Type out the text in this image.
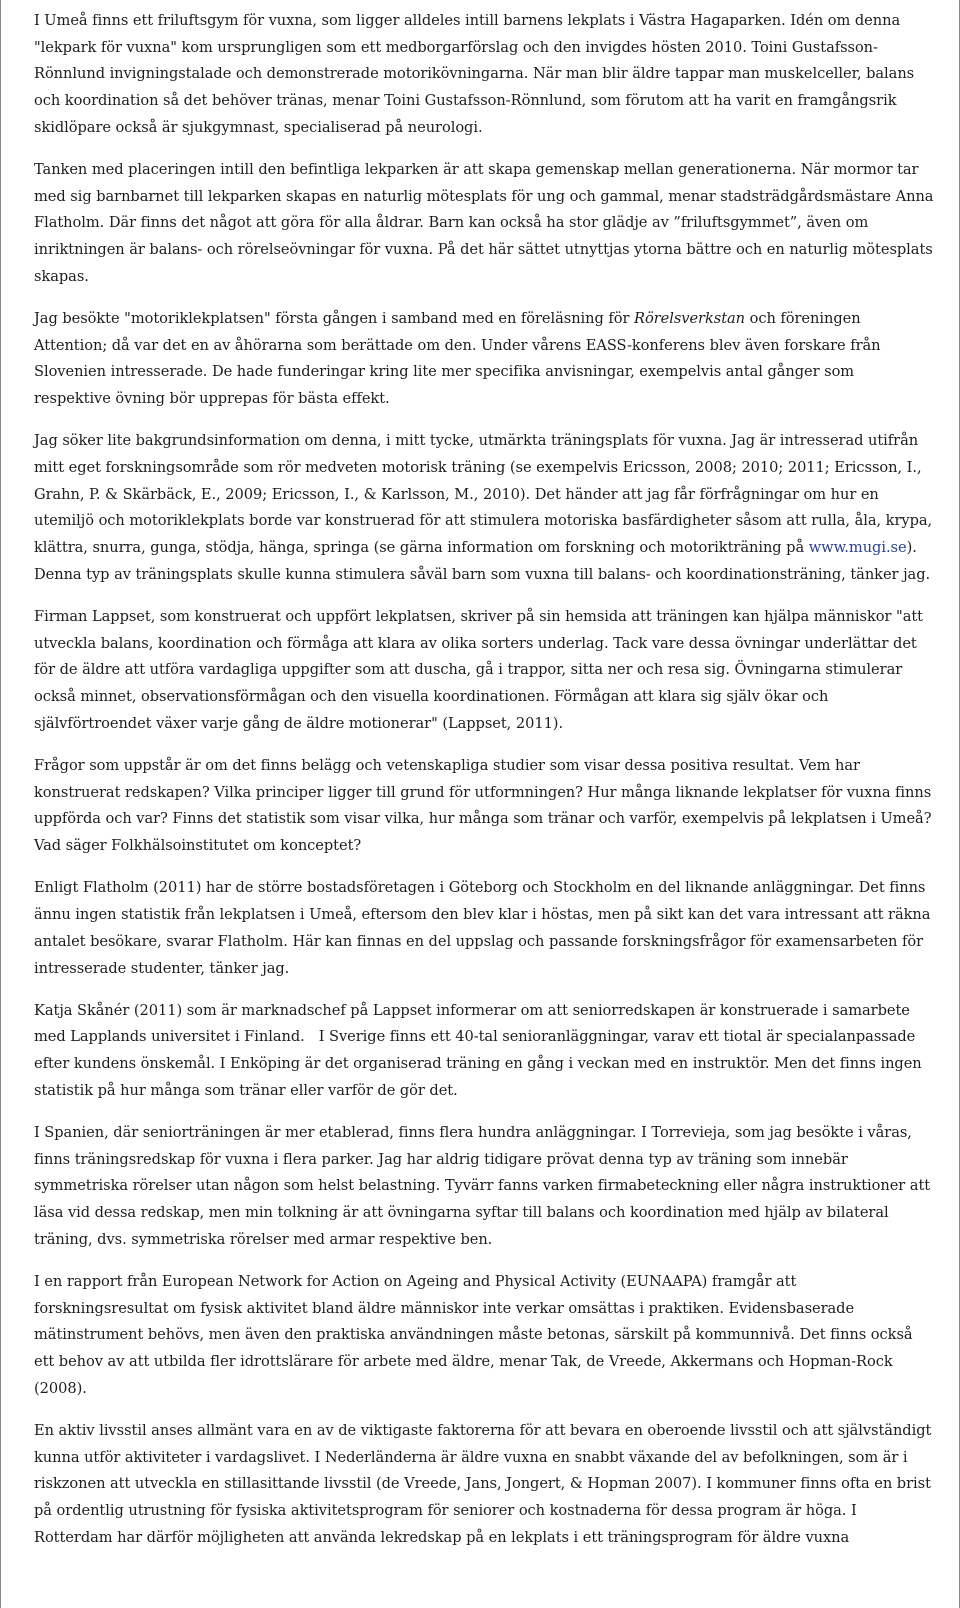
I Umeå finns ett friluftsgym för vuxna, som ligger alldeles intill barnens lekplats i Västra Hagaparken. Idén om denna "lekpark för vuxna" kom ursprungligen som ett medborgarförslag och den invigdes hösten 2010. Toini Gustafsson-Rönnlund invigningstalade och demonstrerade motorikövningarna. När man blir äldre tappar man muskelceller, balans och koordination så det behöver tränas, menar Toini Gustafsson-Rönnlund, som förutom att ha varit en framgångsrik skidlöpare också är sjukgymnast, specialiserad på neurologi.

Tanken med placeringen intill den befintliga lekparken är att skapa gemenskap mellan generationerna. När mormor tar med sig barnbarnet till lekparken skapas en naturlig mötesplats för ung och gammal, menar stadsträdgårdsmästare Anna Flatholm. Där finns det något att göra för alla åldrar. Barn kan också ha stor glädje av ”friluftsgymmet”, även om inriktningen är balans- och rörelseövningar för vuxna. På det här sättet utnyttjas ytorna bättre och en naturlig mötesplats skapas.

Jag besökte "motoriklekplatsen" första gången i samband med en föreläsning för Rörelsverkstan och föreningen Attention; då var det en av åhörarna som berättade om den. Under vårens EASS-konferens blev även forskare från Slovenien intresserade. De hade funderingar kring lite mer specifika anvisningar, exempelvis antal gånger som respektive övning bör upprepas för bästa effekt.

Jag söker lite bakgrundsinformation om denna, i mitt tycke, utmärkta träningsplats för vuxna. Jag är intresserad utifrån mitt eget forskningsområde som rör medveten motorisk träning (se exempelvis Ericsson, 2008; 2010; 2011; Ericsson, I., Grahn, P. & Skärbäck, E., 2009; Ericsson, I., & Karlsson, M., 2010). Det händer att jag får förfrågningar om hur en utemiljö och motoriklekplats borde var konstruerad för att stimulera motoriska basfärdigheter såsom att rulla, åla, krypa, klättra, snurra, gunga, stödja, hänga, springa (se gärna information om forskning och motorikträning på www.mugi.se). Denna typ av träningsplats skulle kunna stimulera såväl barn som vuxna till balans- och koordinationsträning, tänker jag.

Firman Lappset, som konstruerat och uppfört lekplatsen, skriver på sin hemsida att träningen kan hjälpa människor "att utveckla balans, koordination och förmåga att klara av olika sorters underlag. Tack vare dessa övningar underlättar det för de äldre att utföra vardagliga uppgifter som att duscha, gå i trappor, sitta ner och resa sig. Övningarna stimulerar också minnet, observationsförmågan och den visuella koordinationen. Förmågan att klara sig själv ökar och självförtroendet växer varje gång de äldre motionerar" (Lappset, 2011).

Frågor som uppstår är om det finns belägg och vetenskapliga studier som visar dessa positiva resultat. Vem har konstruerat redskapen? Vilka principer ligger till grund för utformningen? Hur många liknande lekplatser för vuxna finns uppförda och var? Finns det statistik som visar vilka, hur många som tränar och varför, exempelvis på lekplatsen i Umeå? Vad säger Folkhälsoinstitutet om konceptet?

Enligt Flatholm (2011) har de större bostadsföretagen i Göteborg och Stockholm en del liknande anläggningar. Det finns ännu ingen statistik från lekplatsen i Umeå, eftersom den blev klar i höstas, men på sikt kan det vara intressant att räkna antalet besökare, svarar Flatholm. Här kan finnas en del uppslag och passande forskningsfrågor för examensarbeten för intresserade studenter, tänker jag.

Katja Skånér (2011) som är marknadschef på Lappset informerar om att seniorredskapen är konstruerade i samarbete med Lapplands universitet i Finland. I Sverige finns ett 40-tal senioranläggningar, varav ett tiotal är specialanpassade efter kundens önskemål. I Enköping är det organiserad träning en gång i veckan med en instruktör. Men det finns ingen statistik på hur många som tränar eller varför de gör det.

I Spanien, där seniorträningen är mer etablerad, finns flera hundra anläggningar. I Torrevieja, som jag besökte i våras, finns träningsredskap för vuxna i flera parker. Jag har aldrig tidigare prövat denna typ av träning som innebär symmetriska rörelser utan någon som helst belastning. Tyvärr fanns varken firmabeteckning eller några instruktioner att läsa vid dessa redskap, men min tolkning är att övningarna syftar till balans och koordination med hjälp av bilateral träning, dvs. symmetriska rörelser med armar respektive ben.

I en rapport från European Network for Action on Ageing and Physical Activity (EUNAAPA) framgår att forskningsresultat om fysisk aktivitet bland äldre människor inte verkar omsättas i praktiken. Evidensbaserade mätinstrument behövs, men även den praktiska användningen måste betonas, särskilt på kommunnivå. Det finns också ett behov av att utbilda fler idrottslärare för arbete med äldre, menar Tak, de Vreede, Akkermans och Hopman-Rock (2008).

En aktiv livsstil anses allmänt vara en av de viktigaste faktorerna för att bevara en oberoende livsstil och att självständigt kunna utför aktiviteter i vardagslivet. I Nederländerna är äldre vuxna en snabbt växande del av befolkningen, som är i riskzonen att utveckla en stillasittande livsstil (de Vreede, Jans, Jongert, & Hopman 2007). I kommuner finns ofta en brist på ordentlig utrustning för fysiska aktivitetsprogram för seniorer och kostnaderna för dessa program är höga. I Rotterdam har därför möjligheten att använda lekredskap på en lekplats i ett träningsprogram för äldre vuxna
